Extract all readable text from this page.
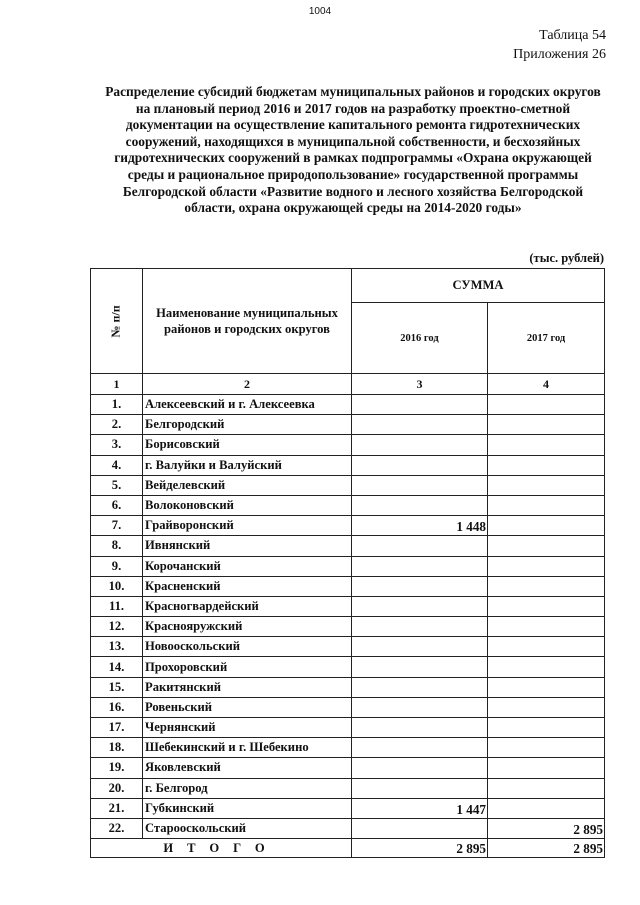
1004
Таблица 54
Приложения 26
Распределение субсидий бюджетам муниципальных районов и городских округов
на плановый период 2016 и 2017 годов на разработку проектно-сметной
документации на осуществление капитального ремонта гидротехнических
сооружений, находящихся в муниципальной собственности, и бесхозяйных
гидротехнических сооружений в рамках подпрограммы «Охрана окружающей
среды и рациональное природопользование» государственной программы
Белгородской области «Развитие водного и лесного хозяйства Белгородской
области, охрана окружающей среды на 2014-2020 годы»
(тыс. рублей)
№ п/п	Наименование муниципальных районов и городских округов	СУММА	
		2016 год	2017 год
1	2	3	4
1.	Алексеевский и г. Алексеевка		
2.	Белгородский		
3.	Борисовский		
4.	г. Валуйки и Валуйский		
5.	Вейделевский		
6.	Волоконовский		
7.	Грайворонский	1 448	
8.	Ивнянский		
9.	Корочанский		
10.	Красненский		
11.	Красногвардейский		
12.	Краснояружский		
13.	Новооскольский		
14.	Прохоровский		
15.	Ракитянский		
16.	Ровеньский		
17.	Чернянский		
18.	Шебекинский и г. Шебекино		
19.	Яковлевский		
20.	г. Белгород		
21.	Губкинский	1 447	
22.	Старооскольский		2 895
ИТОГО		2 895	2 895
